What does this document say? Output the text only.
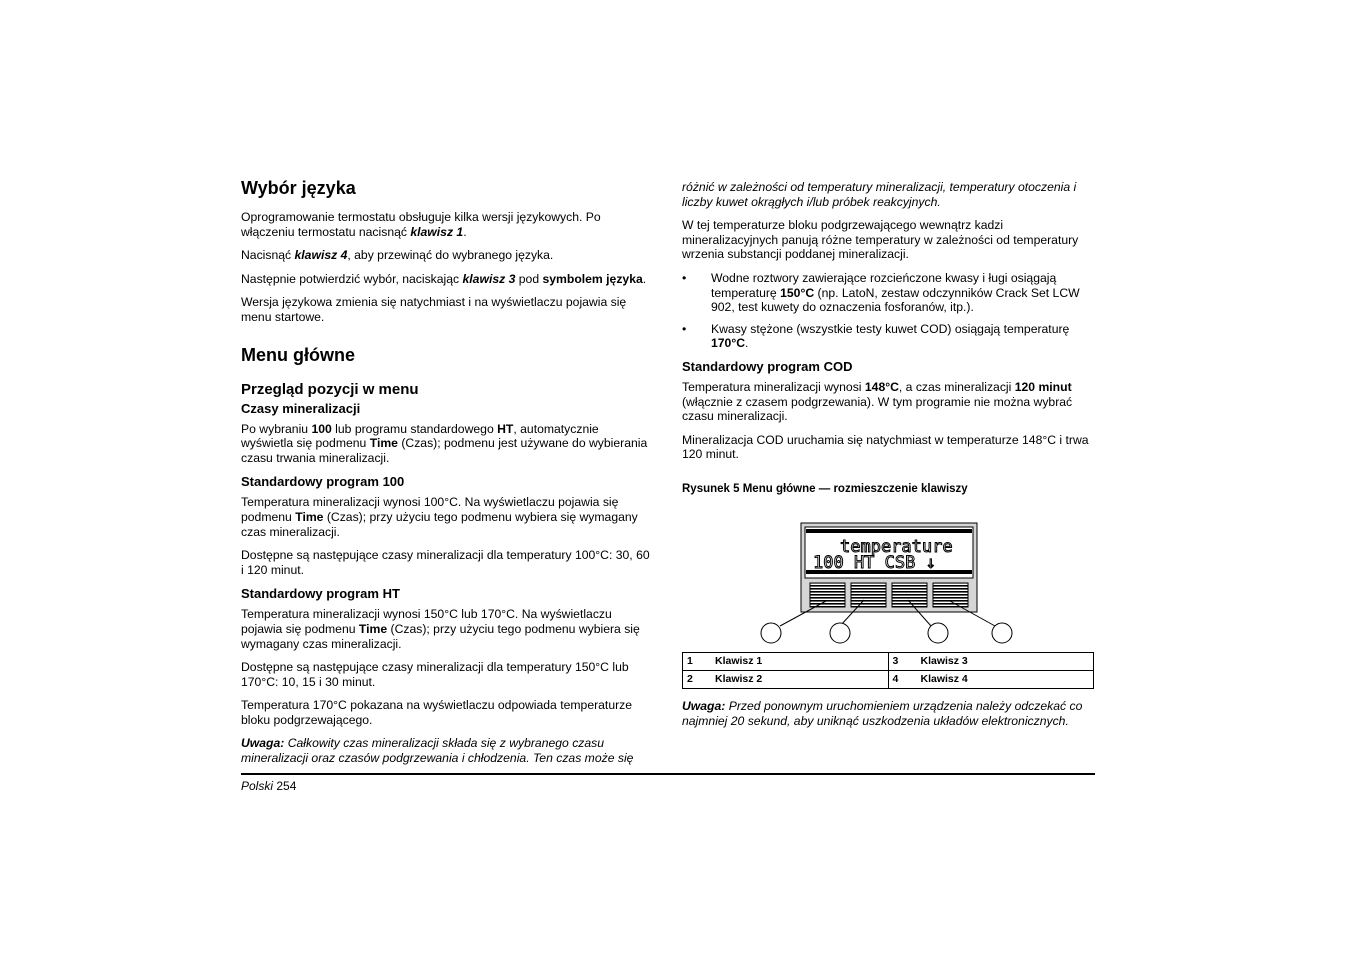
Wybór języka

Oprogramowanie termostatu obsługuje kilka wersji językowych. Po włączeniu termostatu nacisnąć klawisz 1.

Nacisnąć klawisz 4, aby przewinąć do wybranego języka.

Następnie potwierdzić wybór, naciskając klawisz 3 pod symbolem języka.

Wersja językowa zmienia się natychmiast i na wyświetlaczu pojawia się menu startowe.

Menu główne
Przegląd pozycji w menu
Czasy mineralizacji

Po wybraniu 100 lub programu standardowego HT, automatycznie wyświetla się podmenu Time (Czas); podmenu jest używane do wybierania czasu trwania mineralizacji.

Standardowy program 100

Temperatura mineralizacji wynosi 100°C. Na wyświetlaczu pojawia się podmenu Time (Czas); przy użyciu tego podmenu wybiera się wymagany czas mineralizacji.

Dostępne są następujące czasy mineralizacji dla temperatury 100°C: 30, 60 i 120 minut.

Standardowy program HT

Temperatura mineralizacji wynosi 150°C lub 170°C. Na wyświetlaczu pojawia się podmenu Time (Czas); przy użyciu tego podmenu wybiera się wymagany czas mineralizacji.

Dostępne są następujące czasy mineralizacji dla temperatury 150°C lub 170°C: 10, 15 i 30 minut.

Temperatura 170°C pokazana na wyświetlaczu odpowiada temperaturze bloku podgrzewającego.

Uwaga: Całkowity czas mineralizacji składa się z wybranego czasu mineralizacji oraz czasów podgrzewania i chłodzenia. Ten czas może się

różnić w zależności od temperatury mineralizacji, temperatury otoczenia i liczby kuwet okrągłych i/lub próbek reakcyjnych.

W tej temperaturze bloku podgrzewającego wewnątrz kadzi mineralizacyjnych panują różne temperatury w zależności od temperatury wrzenia substancji poddanej mineralizacji.

• Wodne roztwory zawierające rozcieńczone kwasy i ługi osiągają temperaturę 150°C (np. LatoN, zestaw odczynników Crack Set LCW 902, test kuwety do oznaczenia fosforanów, itp.).
• Kwasy stężone (wszystkie testy kuwet COD) osiągają temperaturę 170°C.
Standardowy program COD

Temperatura mineralizacji wynosi 148°C, a czas mineralizacji 120 minut (włącznie z czasem podgrzewania). W tym programie nie można wybrać czasu mineralizacji.

Mineralizacja COD uruchamia się natychmiast w temperaturze 148°C i trwa 120 minut.

Rysunek 5 Menu główne — rozmieszczenie klawiszy
temperature
100 HT CSB ↓
1	Klawisz 1	3	Klawisz 3
2	Klawisz 2	4	Klawisz 4

Uwaga: Przed ponownym uruchomieniem urządzenia należy odczekać co najmniej 20 sekund, aby uniknąć uszkodzenia układów elektronicznych.

Polski 254
